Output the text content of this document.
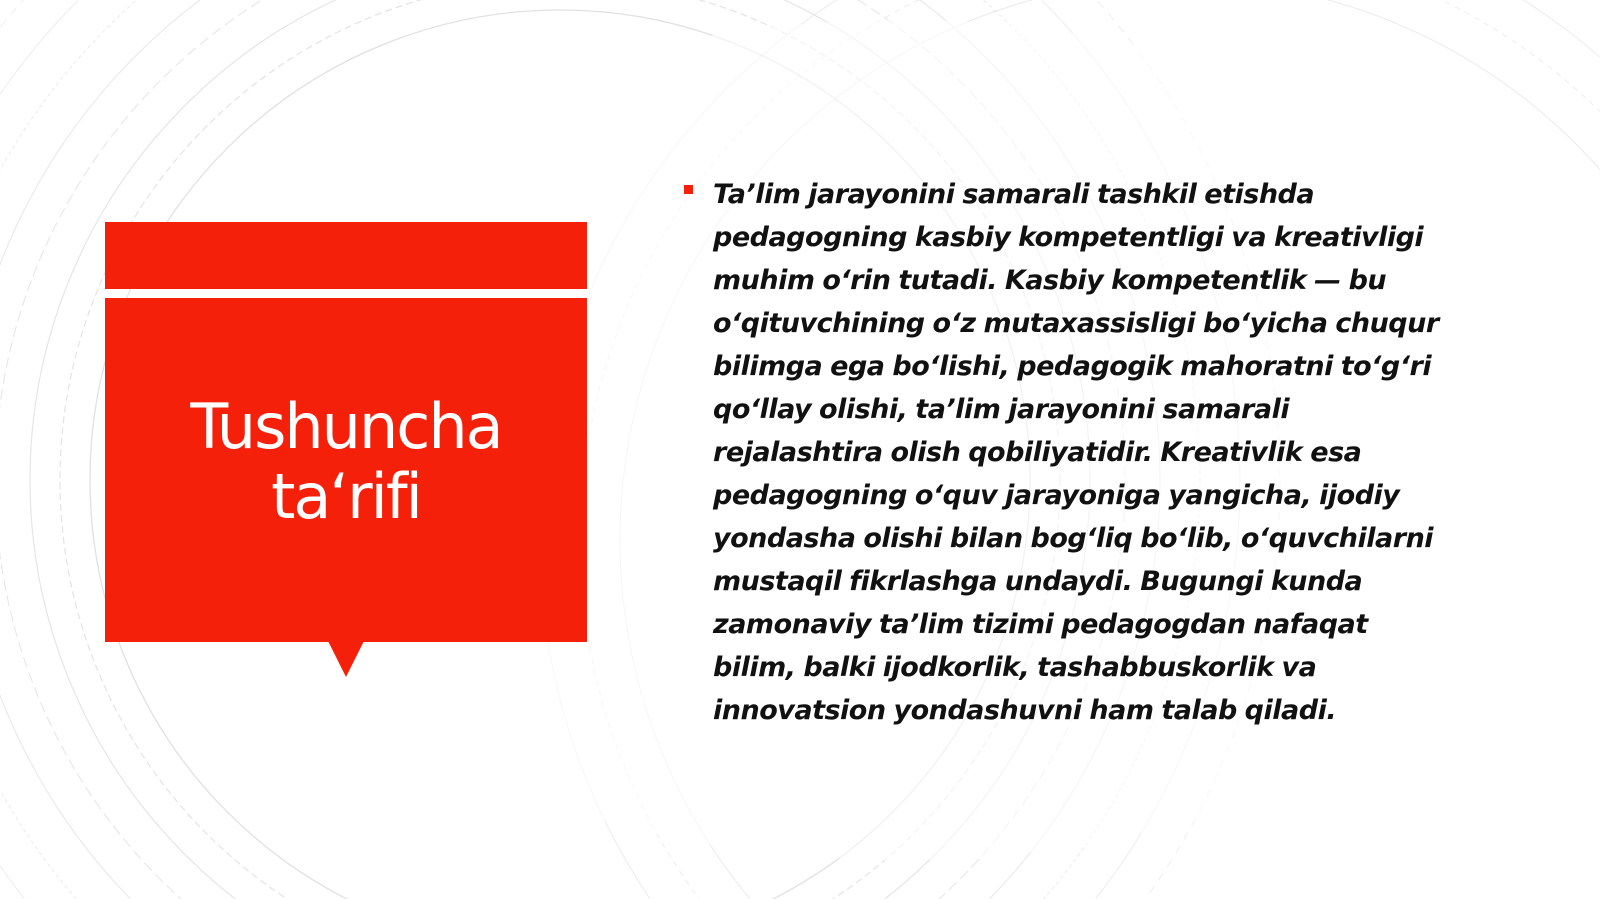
Tushuncha ta‘rifi

Ta’lim jarayonini samarali tashkil etishda pedagogning kasbiy kompetentligi va kreativligi muhim o‘rin tutadi. Kasbiy kompetentlik — bu o‘qituvchining o‘z mutaxassisligi bo‘yicha chuqur bilimga ega bo‘lishi, pedagogik mahoratni to‘g‘ri qo‘llay olishi, ta’lim jarayonini samarali rejalashtira olish qobiliyatidir. Kreativlik esa pedagogning o‘quv jarayoniga yangicha, ijodiy yondasha olishi bilan bog‘liq bo‘lib, o‘quvchilarni mustaqil fikrlashga undaydi. Bugungi kunda zamonaviy ta’lim tizimi pedagogdan nafaqat bilim, balki ijodkorlik, tashabbuskorlik va innovatsion yondashuvni ham talab qiladi.
